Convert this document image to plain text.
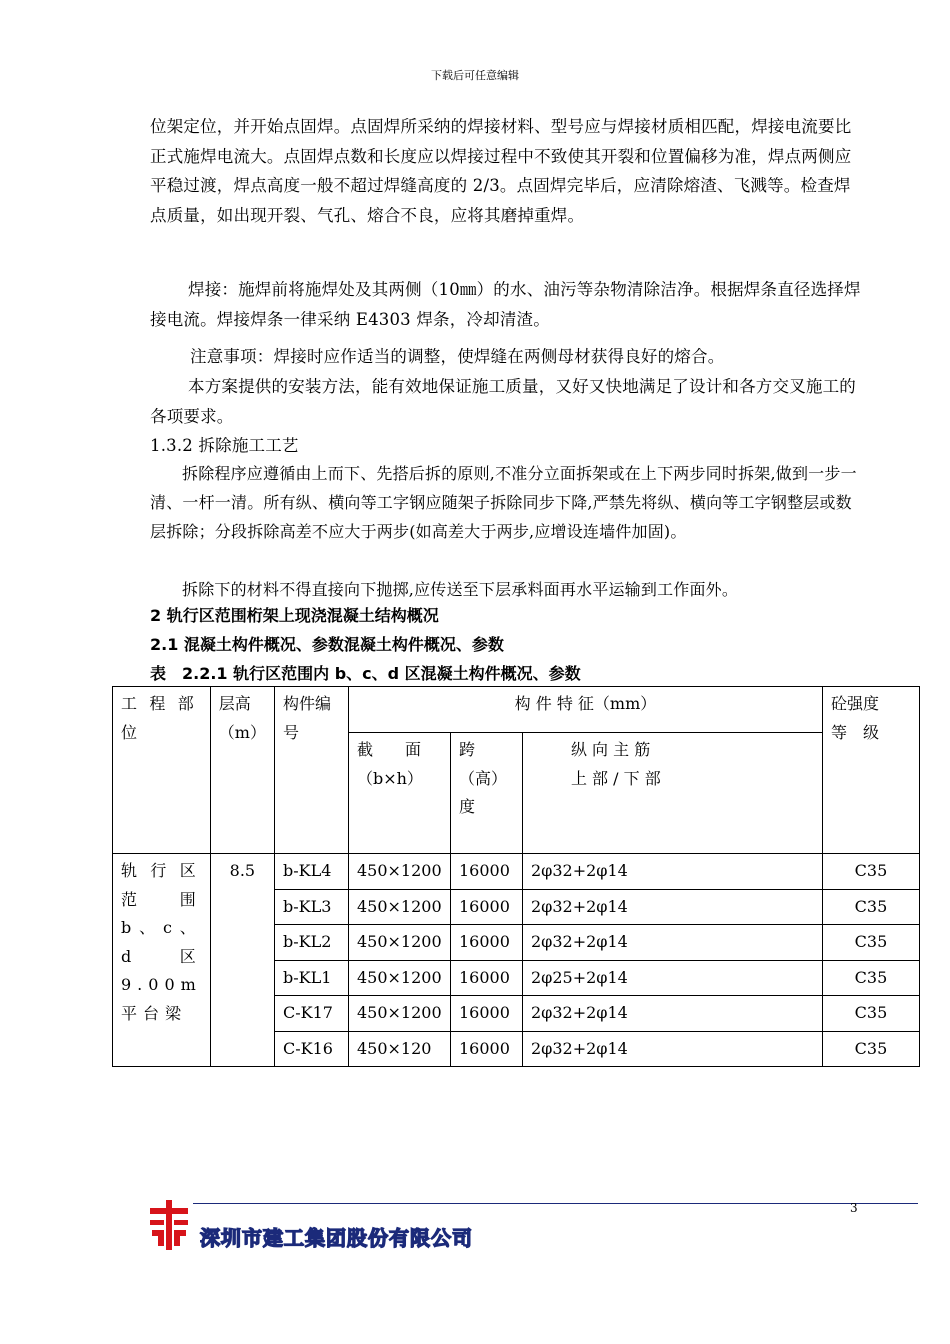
下载后可任意编辑

位架定位，并开始点固焊。点固焊所采纳的焊接材料、型号应与焊接材质相匹配，焊接电流要比正式施焊电流大。点固焊点数和长度应以焊接过程中不致使其开裂和位置偏移为准，焊点两侧应平稳过渡，焊点高度一般不超过焊缝高度的 2/3。点固焊完毕后，应清除熔渣、飞溅等。检查焊点质量，如出现开裂、气孔、熔合不良，应将其磨掉重焊。

焊接：施焊前将施焊处及其两侧（10㎜）的水、油污等杂物清除洁净。根据焊条直径选择焊接电流。焊接焊条一律采纳 E4303 焊条，冷却清渣。

注意事项：焊接时应作适当的调整，使焊缝在两侧母材获得良好的熔合。

本方案提供的安装方法，能有效地保证施工质量，又好又快地满足了设计和各方交叉施工的各项要求。

1.3.2 拆除施工工艺

拆除程序应遵循由上而下、先搭后拆的原则,不准分立面拆架或在上下两步同时拆架,做到一步一清、一杆一清。所有纵、横向等工字钢应随架子拆除同步下降,严禁先将纵、横向等工字钢整层或数层拆除；分段拆除高差不应大于两步(如高差大于两步,应增设连墙件加固)。

拆除下的材料不得直接向下抛掷,应传送至下层承料面再水平运输到工作面外。

2 轨行区范围桁架上现浇混凝土结构概况
2.1 混凝土构件概况、参数混凝土构件概况、参数
表　2.2.1 轨行区范围内 b、c、d 区混凝土构件概况、参数
工程部位	层高（m）	构件编号	构 件 特 征（mm）			砼强度
等　级
			截　　面（b×h）	跨（高）度	纵 向 主 筋
上 部 / 下 部	
轨行区范围 b、c、d 区 9.00m 平台梁	8.5	b-KL4	450×1200	16000	2φ32+2φ14	C35
		b-KL3	450×1200	16000	2φ32+2φ14	C35
		b-KL2	450×1200	16000	2φ32+2φ14	C35
		b-KL1	450×1200	16000	2φ25+2φ14	C35
		C-K17	450×1200	16000	2φ32+2φ14	C35
		C-K16	450×120	16000	2φ32+2φ14	C35
3
深圳市建工集团股份有限公司
